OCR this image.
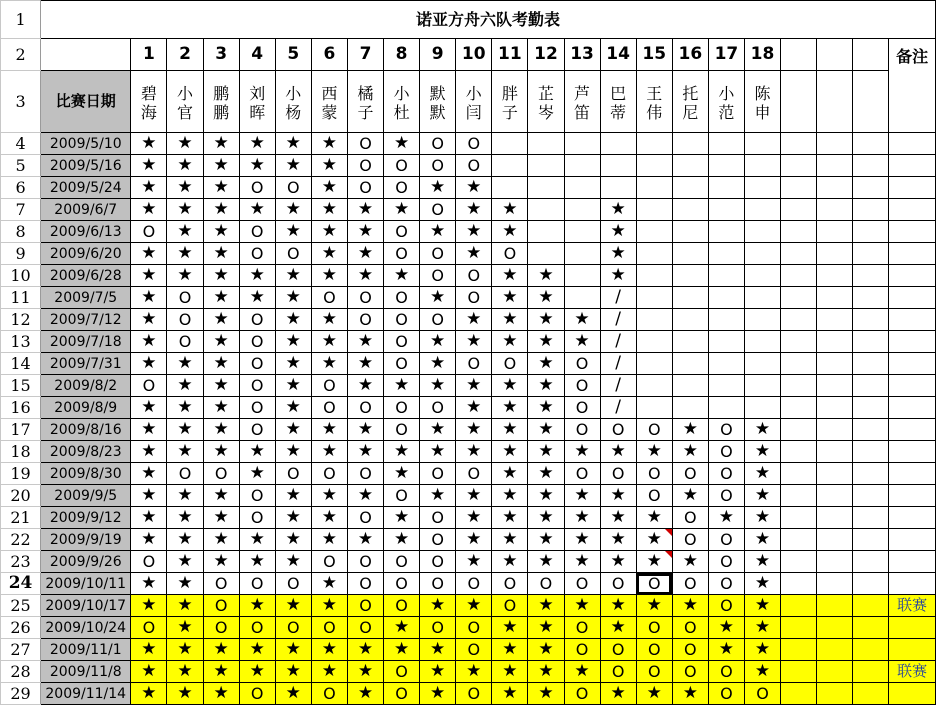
1	诺亚方舟六队考勤表																						
2		1	2	3	4	5	6	7	8	9	10	11	12	13	14	15	16	17	18				备注
3	比赛日期	碧海	小官	鹏鹏	刘晖	小杨	西蒙	橘子	小杜	默默	小闫	胖子	芷岑	芦笛	巴蒂	王伟	托尼	小范	陈申				
4	2009/5/10	★	★	★	★	★	★	O	★	O	O												
5	2009/5/16	★	★	★	★	★	★	O	O	O	O												
6	2009/5/24	★	★	★	O	O	★	O	O	★	★												
7	2009/6/7	★	★	★	★	★	★	★	★	O	★	★			★								
8	2009/6/13	O	★	★	O	★	★	★	O	★	★	★			★								
9	2009/6/20	★	★	★	O	O	★	★	O	O	★	O			★								
10	2009/6/28	★	★	★	★	★	★	★	★	O	O	★	★		★								
11	2009/7/5	★	O	★	★	★	O	O	O	★	O	★	★		/								
12	2009/7/12	★	O	★	O	★	★	O	O	O	★	★	★	★	/								
13	2009/7/18	★	O	★	O	★	★	★	O	★	★	★	★	★	/								
14	2009/7/31	★	★	★	O	★	★	★	O	★	O	O	★	O	/								
15	2009/8/2	O	★	★	O	★	O	★	★	★	★	★	★	O	/								
16	2009/8/9	★	★	★	O	★	O	O	O	O	★	★	★	O	/								
17	2009/8/16	★	★	★	O	★	★	★	O	★	★	★	★	O	O	O	★	O	★				
18	2009/8/23	★	★	★	★	★	★	★	★	★	★	★	★	★	★	★	★	O	★				
19	2009/8/30	★	O	O	★	O	O	O	★	O	O	★	★	O	O	O	O	O	★				
20	2009/9/5	★	★	★	O	★	★	★	O	★	★	★	★	★	★	O	★	O	★				
21	2009/9/12	★	★	★	O	★	★	O	★	O	★	★	★	★	★	★	O	★	★				
22	2009/9/19	★	★	★	★	★	★	★	★	O	★	★	★	★	★	★	O	O	★				
23	2009/9/26	O	★	★	★	★	O	O	O	O	★	★	★	★	★	★	★	O	★				
24	2009/10/11	★	★	O	O	O	★	O	O	O	O	O	O	O	O	O	O	O	★				
25	2009/10/17	★	★	O	★	★	★	O	O	★	★	O	★	★	★	★	★	O	★				联赛
26	2009/10/24	O	★	O	O	O	O	O	★	O	O	★	★	O	★	O	O	★	★				
27	2009/11/1	★	★	★	★	★	★	★	★	★	O	★	★	O	O	O	O	★	★				
28	2009/11/8	★	★	★	★	★	★	★	O	★	★	★	★	★	O	O	O	O	★				联赛
29	2009/11/14	★	★	★	O	★	O	★	O	★	O	★	★	O	★	★	★	O	O				
